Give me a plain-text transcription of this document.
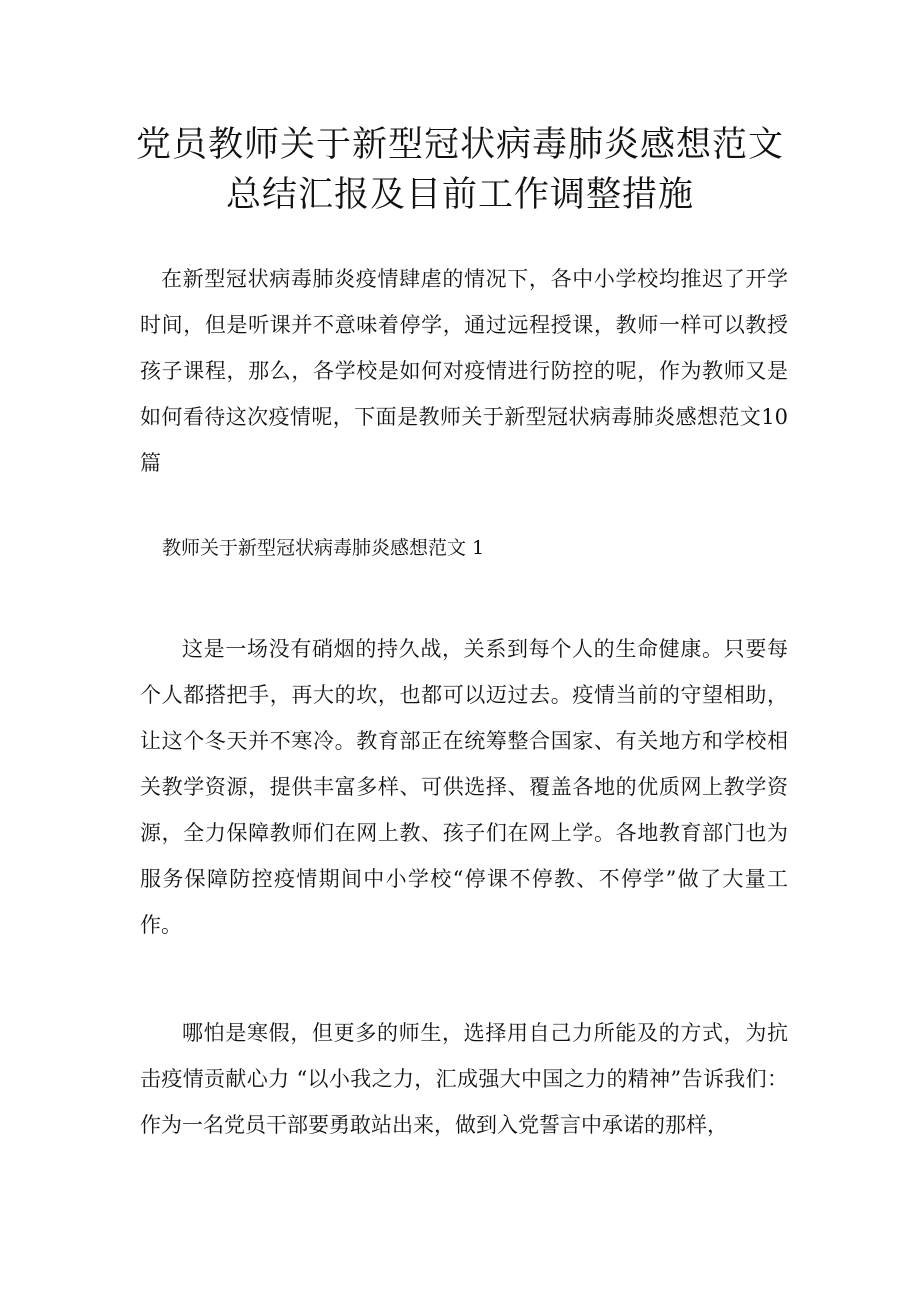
党员教师关于新型冠状病毒肺炎感想范文
总结汇报及目前工作调整措施

在新型冠状病毒肺炎疫情肆虐的情况下，各中小学校均推迟了开学时间，但是听课并不意味着停学，通过远程授课，教师一样可以教授孩子课程，那么，各学校是如何对疫情进行防控的呢，作为教师又是如何看待这次疫情呢，下面是教师关于新型冠状病毒肺炎感想范文10篇

教师关于新型冠状病毒肺炎感想范文 1

这是一场没有硝烟的持久战，关系到每个人的生命健康。只要每个人都搭把手，再大的坎，也都可以迈过去。疫情当前的守望相助，让这个冬天并不寒冷。教育部正在统筹整合国家、有关地方和学校相关教学资源，提供丰富多样、可供选择、覆盖各地的优质网上教学资源，全力保障教师们在网上教、孩子们在网上学。各地教育部门也为服务保障防控疫情期间中小学校“停课不停教、不停学”做了大量工作。

哪怕是寒假，但更多的师生，选择用自己力所能及的方式，为抗击疫情贡献心力 “以小我之力，汇成强大中国之力的精神”告诉我们：作为一名党员干部要勇敢站出来，做到入党誓言中承诺的那样，
